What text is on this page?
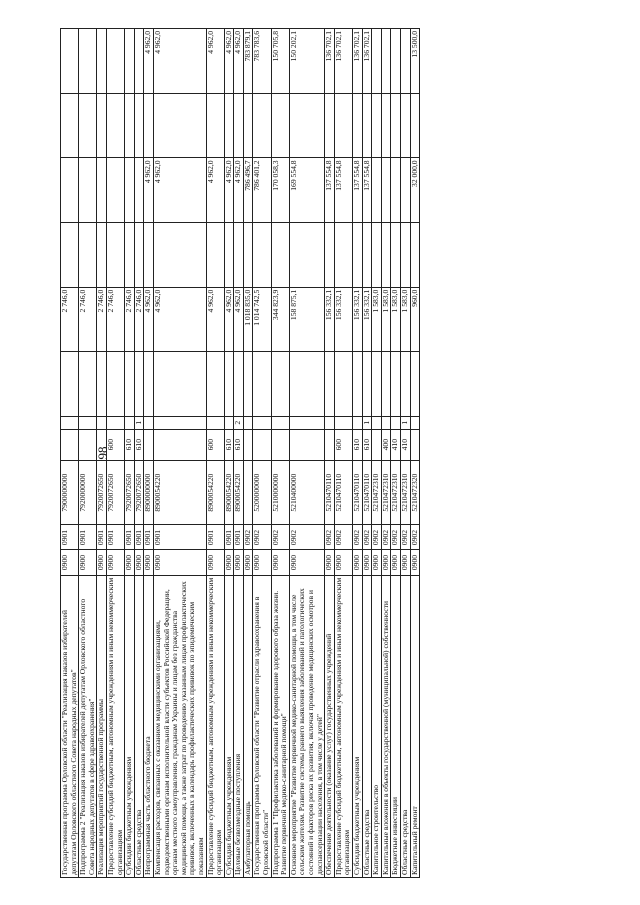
98
Государственная программа Орловской области "Реализация наказов избирателей депутатам Орловского областного Совета народных депутатов"	0900	0901	7900000000				2 746,0				
Подпрограмма 2 "Реализация наказов избирателей депутатам Орловского областного Совета народных депутатов в сфере здравоохранения"	0900	0901	7920000000				2 746,0				
Реализация мероприятий государственной программы	0900	0901	7920072650				2 746,0				
Предоставление субсидий бюджетным, автономным учреждениям и иным некоммерческим организациям	0900	0901	7920072650	600			2 746,0				
Субсидии бюджетным учреждениям	0900	0901	7920072650	610			2 746,0				
Областные средства	0900	0901	7920072650	610	1		2 746,0				
Непрограммная часть областного бюджета	0900	0901	8900000000				4 962,0		4 962,0		4 962,0
Компенсация расходов, связанных с оказанием медицинскими организациями, подведомственными органам исполнительной власти субъектов Российской Федерации, органам местного самоуправления, гражданам Украины и лицам без гражданства медицинской помощи, а также затрат по проведению указанным лицам профилактических прививок, включенных в календарь профилактических прививок по эпидемическим показаниям	0900	0901	8900054220				4 962,0		4 962,0		4 962,0
Предоставление субсидий бюджетным, автономным учреждениям и иным некоммерческим организациям	0900	0901	8900054220	600			4 962,0		4 962,0		4 962,0
Субсидии бюджетным учреждениям	0900	0901	8900054220	610			4 962,0		4 962,0		4 962,0
Целевые безвозмездные поступления	0900	0901	8900054220	610	2		4 962,0		4 962,0		4 962,0
Амбулаторная помощь	0900	0902					1 018 835,0		786 496,7		783 879,1
Государственная программа Орловской области "Развитие отрасли здравоохранения в Орловской области"	0900	0902	5200000000				1 014 742,5		786 401,2		783 783,6
Подпрограмма 1 "Профилактика заболеваний и формирование здорового образа жизни. Развитие первичной медико-санитарной помощи"	0900	0902	5210000000				344 823,9		170 058,3		150 705,8
Основное мероприятие "Развитие первичной медико-санитарной помощи, в том числе сельским жителям. Развитие системы раннего выявления заболеваний и патологических состояний и факторов риска их развития, включая проведение медицинских осмотров и диспансеризации населения, в том числе у детей"	0900	0902	5210400000				158 875,1		169 554,8		150 202,1
Обеспечение деятельности (оказание услуг) государственных учреждений	0900	0902	5210470110				156 332,1		137 554,8		136 702,1
Предоставление субсидий бюджетным, автономным учреждениям и иным некоммерческим организациям	0900	0902	5210470110	600			156 332,1		137 554,8		136 702,1
Субсидии бюджетным учреждениям	0900	0902	5210470110	610			156 332,1		137 554,8		136 702,1
Областные средства	0900	0902	5210470110	610	1		156 332,1		137 554,8		136 702,1
Капитальное строительство	0900	0902	5210472310				1 583,0				
Капитальные вложения в объекты государственной (муниципальной) собственности	0900	0902	5210472310	400			1 583,0				
Бюджетные инвестиции	0900	0902	5210472310	410			1 583,0				
Областные средства	0900	0902	5210472310	410	1		1 583,0				
Капитальный ремонт	0900	0902	5210472320				960,0		32 000,0		13 500,0
